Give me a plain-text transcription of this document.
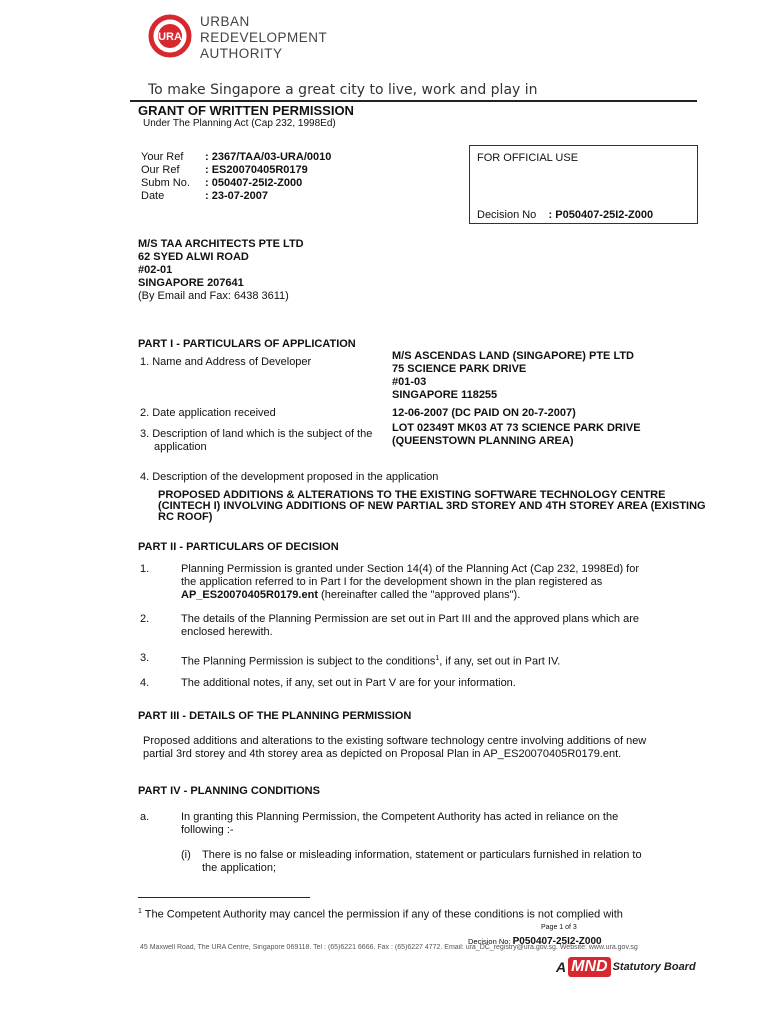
URA
URBAN
REDEVELOPMENT
AUTHORITY
To make Singapore a great city to live, work and play in
GRANT OF WRITTEN PERMISSION
Under The Planning Act (Cap 232, 1998Ed)
Your Ref	: 2367/TAA/03-URA/0010
Our Ref	: ES20070405R0179
Subm No.	: 050407-25I2-Z000
Date	: 23-07-2007
FOR OFFICIAL USE
Decision No : P050407-25I2-Z000
M/S TAA ARCHITECTS PTE LTD
62 SYED ALWI ROAD
#02-01
SINGAPORE 207641
(By Email and Fax: 6438 3611)
PART I - PARTICULARS OF APPLICATION
1. Name and Address of Developer	M/S ASCENDAS LAND (SINGAPORE) PTE LTD
75 SCIENCE PARK DRIVE
#01-03
SINGAPORE 118255
2. Date application received	12-06-2007 (DC PAID ON 20-7-2007)
3. Description of land which is the subject of the
application
LOT 02349T MK03 AT 73 SCIENCE PARK DRIVE
(QUEENSTOWN PLANNING AREA)
4. Description of the development proposed in the application
PROPOSED ADDITIONS & ALTERATIONS TO THE EXISTING SOFTWARE TECHNOLOGY CENTRE
(CINTECH I) INVOLVING ADDITIONS OF NEW PARTIAL 3RD STOREY AND 4TH STOREY AREA (EXISTING
RC ROOF)
PART II - PARTICULARS OF DECISION
1.	Planning Permission is granted under Section 14(4) of the Planning Act (Cap 232, 1998Ed) for
the application referred to in Part I for the development shown in the plan registered as
AP_ES20070405R0179.ent (hereinafter called the "approved plans").
2.	The details of the Planning Permission are set out in Part III and the approved plans which are
enclosed herewith.
3.	The Planning Permission is subject to the conditions$^1$, if any, set out in Part IV.
4.	The additional notes, if any, set out in Part V are for your information.
PART III - DETAILS OF THE PLANNING PERMISSION
Proposed additions and alterations to the existing software technology centre involving additions of new
partial 3rd storey and 4th storey area as depicted on Proposal Plan in AP_ES20070405R0179.ent.
PART IV - PLANNING CONDITIONS
a.	In granting this Planning Permission, the Competent Authority has acted in reliance on the
following :-
(i) There is no false or misleading information, statement or particulars furnished in relation to
the application;
$^1$ The Competent Authority may cancel the permission if any of these conditions is not complied with
Page 1 of 3
Decision No: P050407-25I2-Z000
45 Maxwell Road, The URA Centre, Singapore 069118. Tel : (65)6221 6666. Fax : (65)6227 4772. Email: ura_DC_registry@ura.gov.sg. Website: www.ura.gov.sg
A MND Statutory Board
